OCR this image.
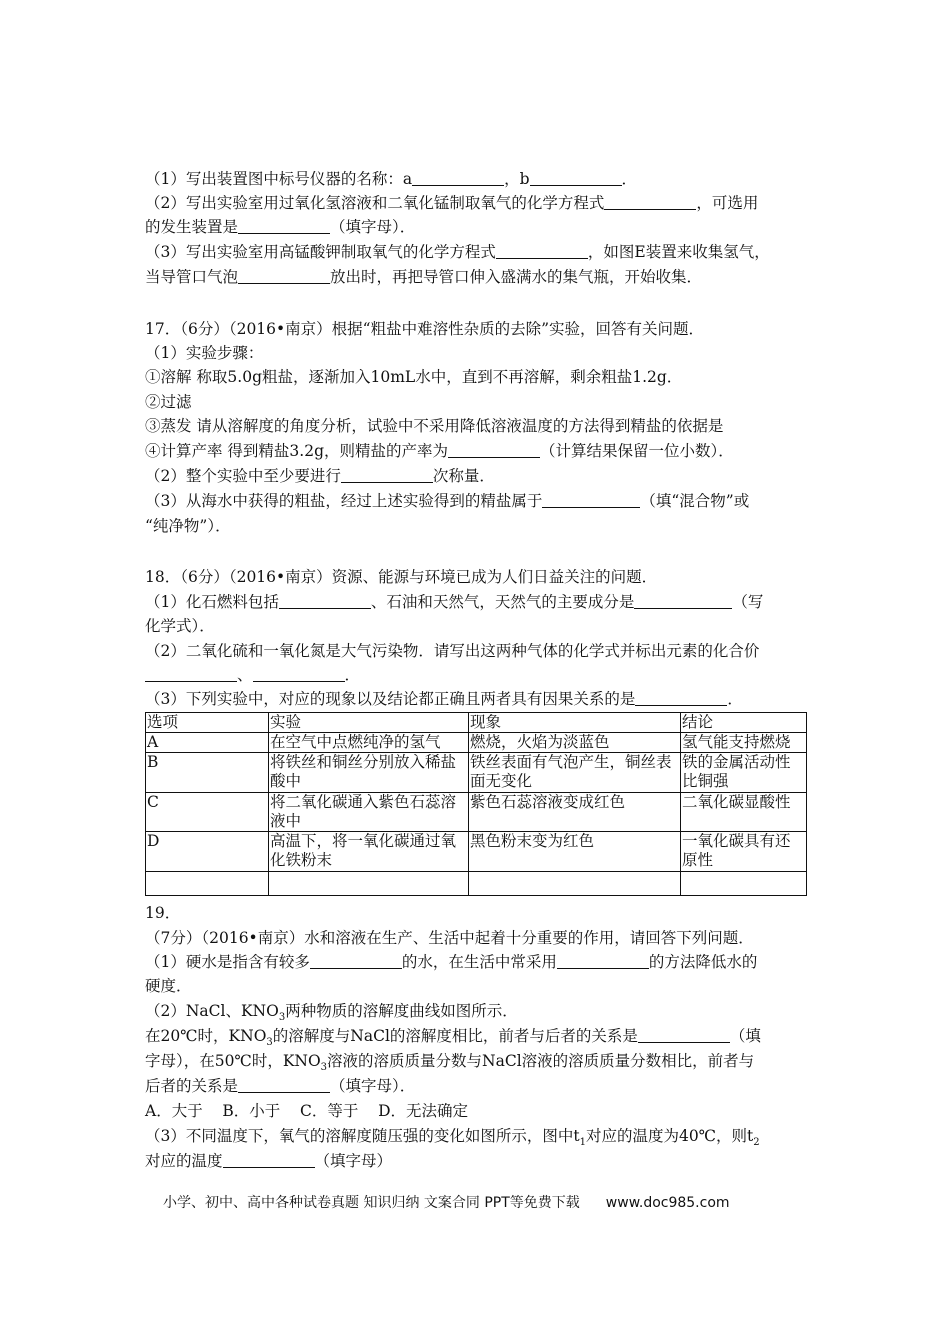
（1）写出装置图中标号仪器的名称：a	，b	．
（2）写出实验室用过氧化氢溶液和二氧化锰制取氧气的化学方程式	，可选用
的发生装置是	（填字母）．
（3）写出实验室用高锰酸钾制取氧气的化学方程式	，如图E装置来收集氢气，
当导管口气泡	放出时，再把导管口伸入盛满水的集气瓶，开始收集．
17．（6分）（2016•南京）根据“粗盐中难溶性杂质的去除”实验，回答有关问题．
（1）实验步骤：
①溶解 称取5.0g粗盐，逐渐加入10mL水中，直到不再溶解，剩余粗盐1.2g．
②过滤
③蒸发 请从溶解度的角度分析，试验中不采用降低溶液温度的方法得到精盐的依据是
④计算产率 得到精盐3.2g，则精盐的产率为	（计算结果保留一位小数）．
（2）整个实验中至少要进行	次称量．
（3）从海水中获得的粗盐，经过上述实验得到的精盐属于	（填“混合物”或
“纯净物”）．
18．（6分）（2016•南京）资源、能源与环境已成为人们日益关注的问题．
（1）化石燃料包括	、石油和天然气，天然气的主要成分是	（写
化学式）．
（2）二氧化硫和一氧化氮是大气污染物．请写出这两种气体的化学式并标出元素的化合价
、	．
（3）下列实验中，对应的现象以及结论都正确且两者具有因果关系的是	．
19．
（7分）（2016•南京）水和溶液在生产、生活中起着十分重要的作用，请回答下列问题．
（1）硬水是指含有较多	的水，在生活中常采用	的方法降低水的
硬度．
（2）NaCl、$KNO_3$两种物质的溶解度曲线如图所示．
在20℃时，$KNO_3$的溶解度与NaCl的溶解度相比，前者与后者的关系是	（填
字母），在50℃时，$KNO_3$溶液的溶质质量分数与NaCl溶液的溶质质量分数相比，前者与
后者的关系是	（填字母）．
A．大于    B．小于    C．等于    D．无法确定
（3）不同温度下，氧气的溶解度随压强的变化如图所示，图中$t_1$对应的温度为40℃，则$t_2$
对应的温度	（填字母）
选项	实验	现象	结论
A	在空气中点燃纯净的氢气	燃烧，火焰为淡蓝色	氢气能支持燃烧
B	将铁丝和铜丝分别放入稀盐酸中	铁丝表面有气泡产生，铜丝表面无变化	铁的金属活动性比铜强
C	将二氧化碳通入紫色石蕊溶液中	紫色石蕊溶液变成红色	二氧化碳显酸性
D	高温下，将一氧化碳通过氧化铁粉末	黑色粉末变为红色	一氧化碳具有还原性

小学、初中、高中各种试卷真题 知识归纳 文案合同 PPT等免费下载 www.doc985.com
